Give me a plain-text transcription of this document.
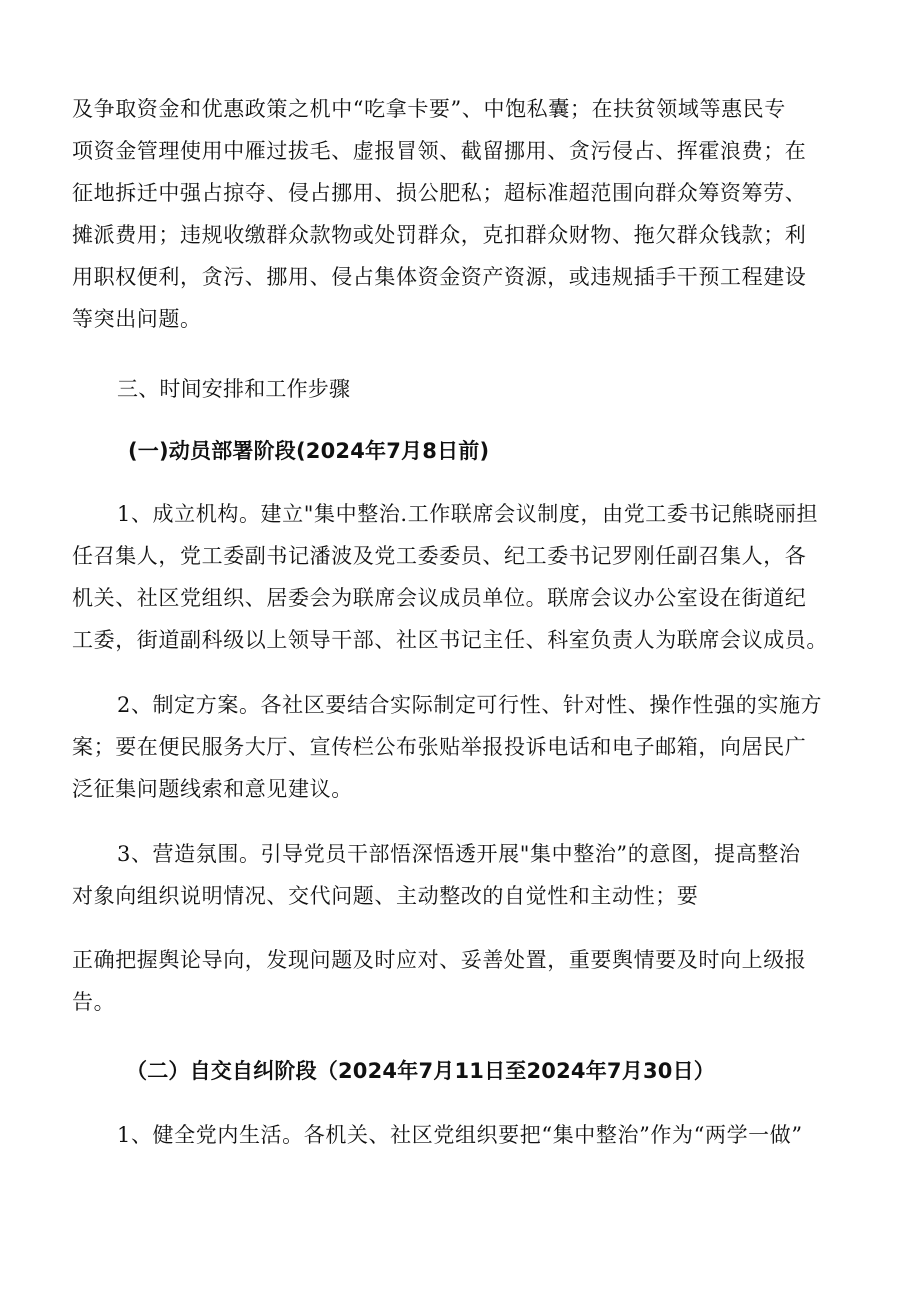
及争取资金和优惠政策之机中“吃拿卡要”、中饱私囊；在扶贫领域等惠民专
项资金管理使用中雁过拔毛、虚报冒领、截留挪用、贪污侵占、挥霍浪费；在
征地拆迁中强占掠夺、侵占挪用、损公肥私；超标准超范围向群众筹资筹劳、
摊派费用；违规收缴群众款物或处罚群众，克扣群众财物、拖欠群众钱款；利
用职权便利，贪污、挪用、侵占集体资金资产资源，或违规插手干预工程建设
等突出问题。
三、时间安排和工作步骤
(一)动员部署阶段(2024年7月8日前)
1、成立机构。建立"集中整治.工作联席会议制度，由党工委书记熊晓丽担
任召集人，党工委副书记潘波及党工委委员、纪工委书记罗刚任副召集人，各
机关、社区党组织、居委会为联席会议成员单位。联席会议办公室设在街道纪
工委，街道副科级以上领导干部、社区书记主任、科室负责人为联席会议成员。
2、制定方案。各社区要结合实际制定可行性、针对性、操作性强的实施方
案；要在便民服务大厅、宣传栏公布张贴举报投诉电话和电子邮箱，向居民广
泛征集问题线索和意见建议。
3、营造氛围。引导党员干部悟深悟透开展"集中整治”的意图，提高整治
对象向组织说明情况、交代问题、主动整改的自觉性和主动性；要
正确把握舆论导向，发现问题及时应对、妥善处置，重要舆情要及时向上级报
告。
（二）自交自纠阶段（2024年7月11日至2024年7月30日）
1、健全党内生活。各机关、社区党组织要把“集中整治”作为“两学一做”
